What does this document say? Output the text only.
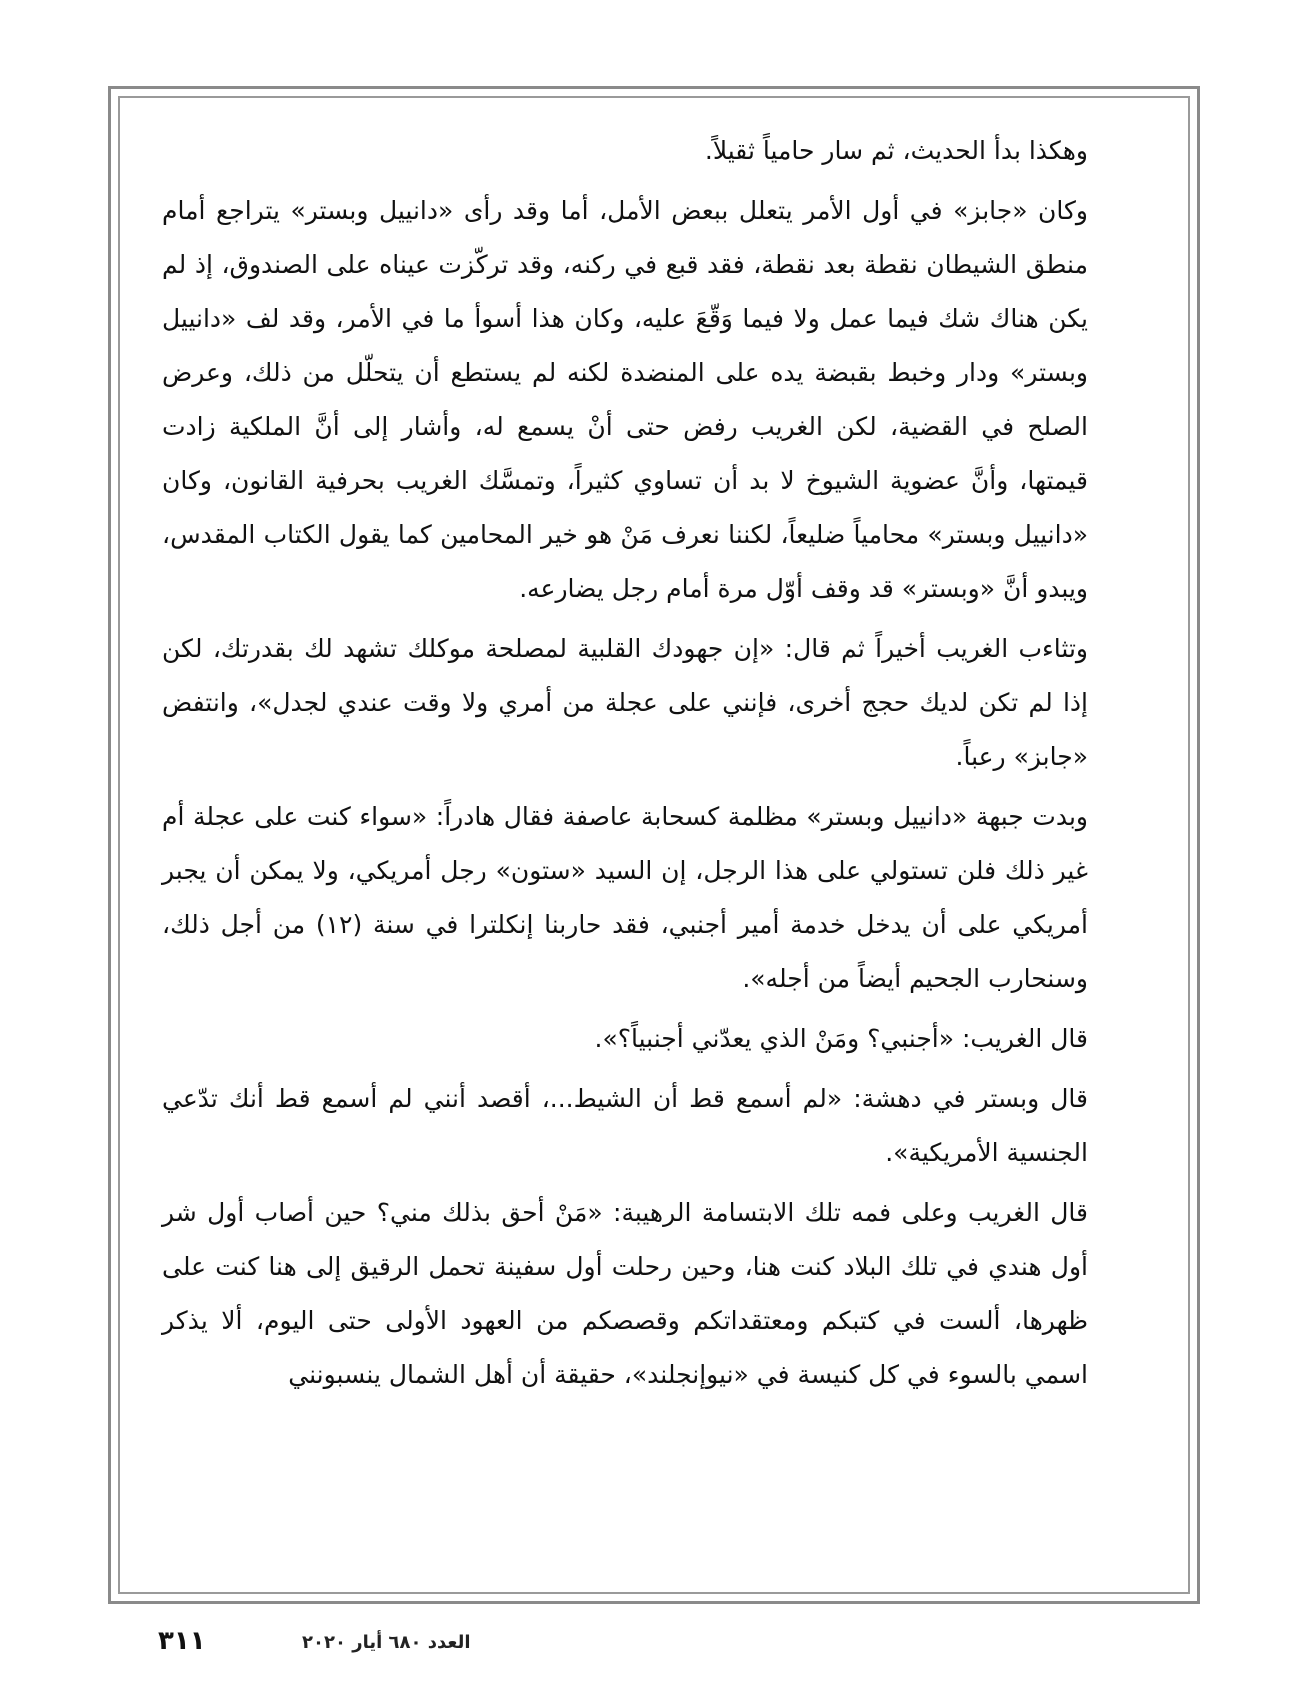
وهكذا بدأ الحديث، ثم سار حامياً ثقيلاً.

وكان «جابز» في أول الأمر يتعلل ببعض الأمل، أما وقد رأى «دانييل وبستر» يتراجع أمام منطق الشيطان نقطة بعد نقطة، فقد قبع في ركنه، وقد تركّزت عيناه على الصندوق، إذ لم يكن هناك شك فيما عمل ولا فيما وَقّعَ عليه، وكان هذا أسوأ ما في الأمر، وقد لف «دانييل وبستر» ودار وخبط بقبضة يده على المنضدة لكنه لم يستطع أن يتحلّل من ذلك، وعرض الصلح في القضية، لكن الغريب رفض حتى أنْ يسمع له، وأشار إلى أنَّ الملكية زادت قيمتها، وأنَّ عضوية الشيوخ لا بد أن تساوي كثيراً، وتمسَّك الغريب بحرفية القانون، وكان «دانييل وبستر» محامياً ضليعاً، لكننا نعرف مَنْ هو خير المحامين كما يقول الكتاب المقدس، ويبدو أنَّ «وبستر» قد وقف أوّل مرة أمام رجل يضارعه.

وتثاءب الغريب أخيراً ثم قال: «إن جهودك القلبية لمصلحة موكلك تشهد لك بقدرتك، لكن إذا لم تكن لديك حجج أخرى، فإنني على عجلة من أمري ولا وقت عندي لجدل»، وانتفض «جابز» رعباً.

وبدت جبهة «دانييل وبستر» مظلمة كسحابة عاصفة فقال هادراً: «سواء كنت على عجلة أم غير ذلك فلن تستولي على هذا الرجل، إن السيد «ستون» رجل أمريكي، ولا يمكن أن يجبر أمريكي على أن يدخل خدمة أمير أجنبي، فقد حاربنا إنكلترا في سنة (١٢) من أجل ذلك، وسنحارب الجحيم أيضاً من أجله».

قال الغريب: «أجنبي؟ ومَنْ الذي يعدّني أجنبياً؟».

قال وبستر في دهشة: «لم أسمع قط أن الشيط...، أقصد أنني لم أسمع قط أنك تدّعي الجنسية الأمريكية».

قال الغريب وعلى فمه تلك الابتسامة الرهيبة: «مَنْ أحق بذلك مني؟ حين أصاب أول شر أول هندي في تلك البلاد كنت هنا، وحين رحلت أول سفينة تحمل الرقيق إلى هنا كنت على ظهرها، ألست في كتبكم ومعتقداتكم وقصصكم من العهود الأولى حتى اليوم، ألا يذكر اسمي بالسوء في كل كنيسة في «نيوإنجلند»، حقيقة أن أهل الشمال ينسبونني

العدد ٦٨٠ أيار ٢٠٢٠
٣١١
